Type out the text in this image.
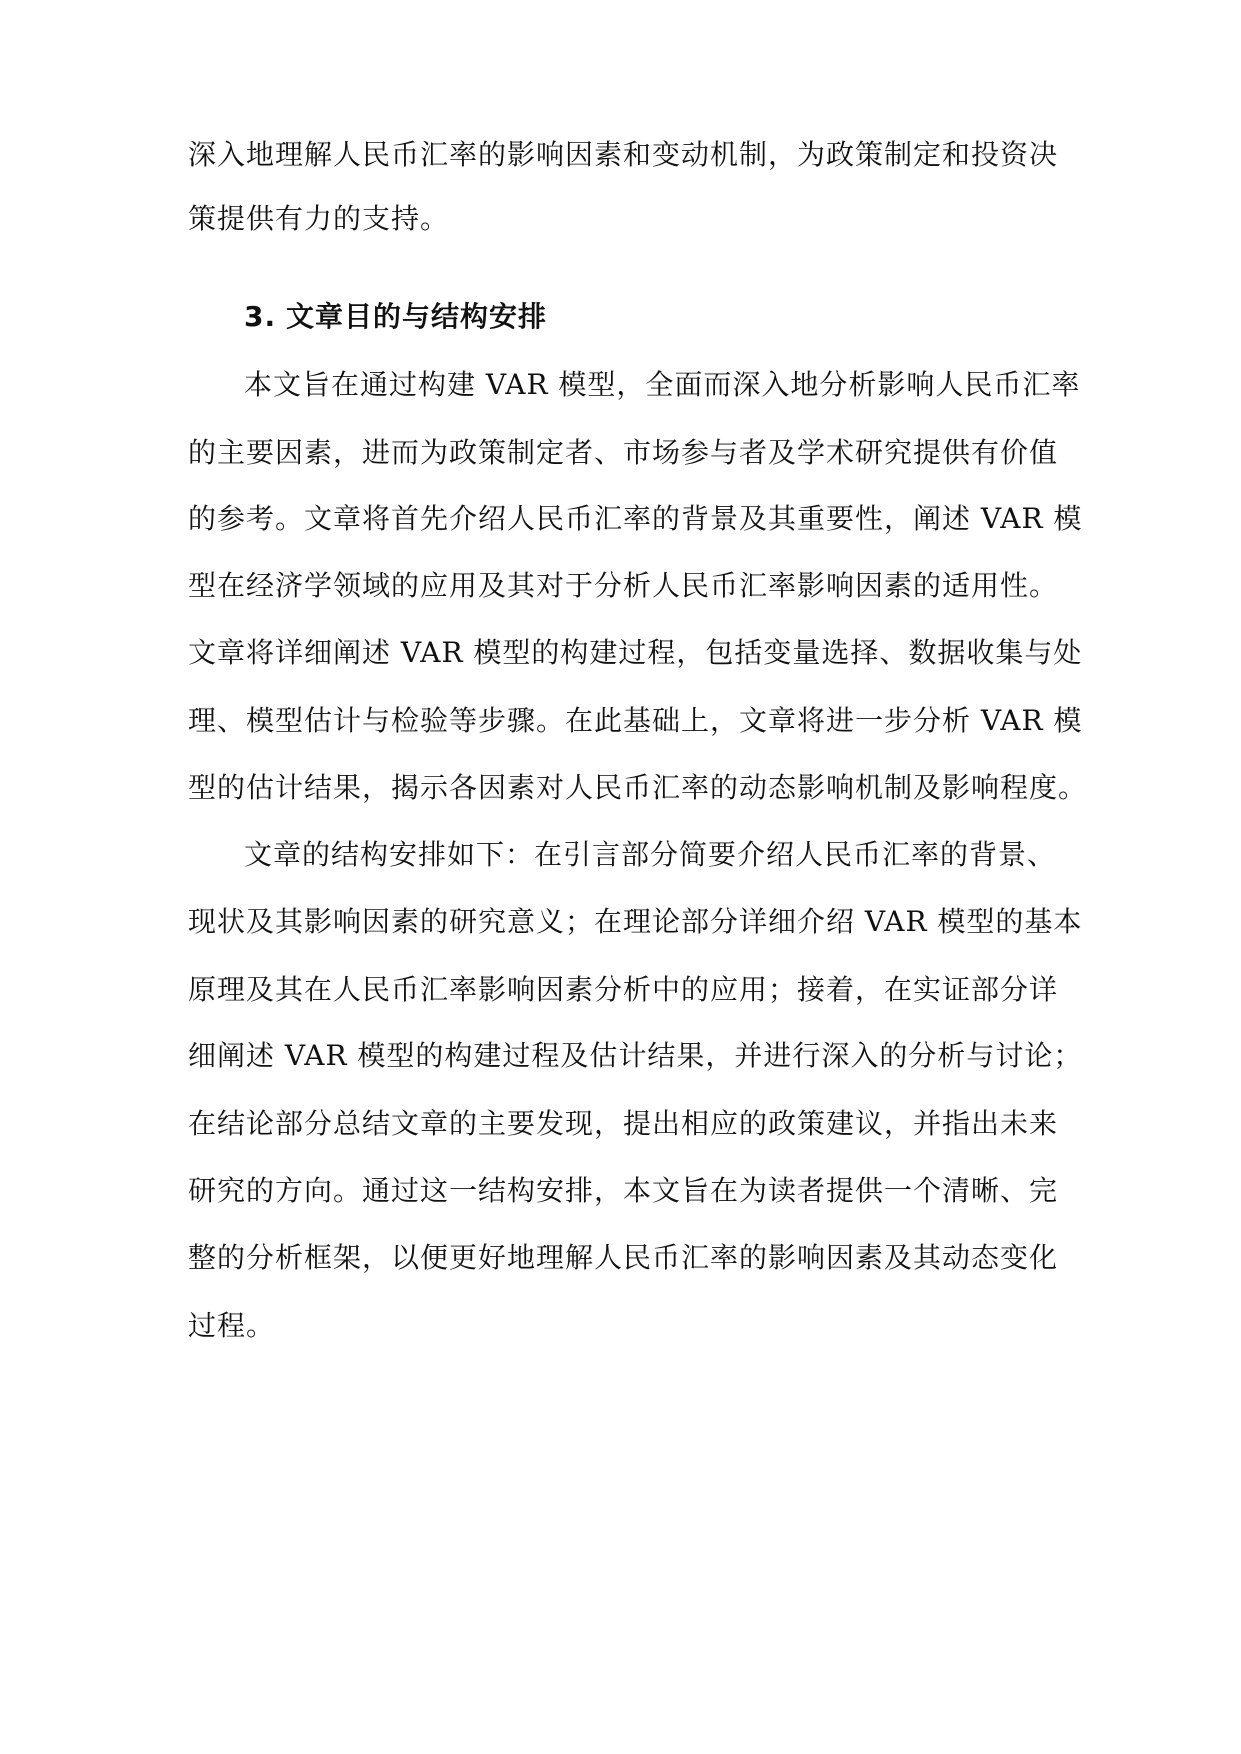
深入地理解人民币汇率的影响因素和变动机制，为政策制定和投资决

策提供有力的支持。

3. 文章目的与结构安排

本文旨在通过构建 VAR 模型，全面而深入地分析影响人民币汇率

的主要因素，进而为政策制定者、市场参与者及学术研究提供有价值

的参考。文章将首先介绍人民币汇率的背景及其重要性，阐述 VAR 模

型在经济学领域的应用及其对于分析人民币汇率影响因素的适用性。

文章将详细阐述 VAR 模型的构建过程，包括变量选择、数据收集与处

理、模型估计与检验等步骤。在此基础上，文章将进一步分析 VAR 模

型的估计结果，揭示各因素对人民币汇率的动态影响机制及影响程度。

文章的结构安排如下：在引言部分简要介绍人民币汇率的背景、

现状及其影响因素的研究意义；在理论部分详细介绍 VAR 模型的基本

原理及其在人民币汇率影响因素分析中的应用；接着，在实证部分详

细阐述 VAR 模型的构建过程及估计结果，并进行深入的分析与讨论；

在结论部分总结文章的主要发现，提出相应的政策建议，并指出未来

研究的方向。通过这一结构安排，本文旨在为读者提供一个清晰、完

整的分析框架，以便更好地理解人民币汇率的影响因素及其动态变化

过程。
